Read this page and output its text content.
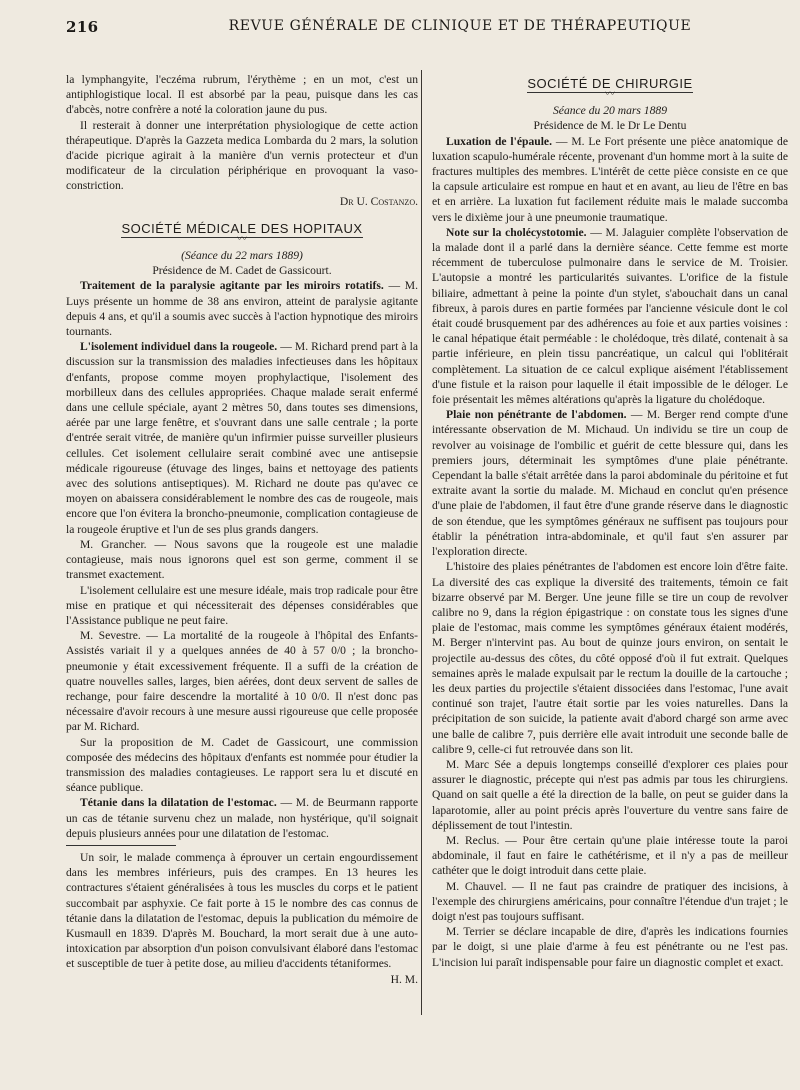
216	REVUE GÉNÉRALE DE CLINIQUE ET DE THÉRAPEUTIQUE

la lymphangyite, l'eczéma rubrum, l'érythème ; en un mot, c'est un antiphlogistique local. Il est absorbé par la peau, puisque dans les cas d'abcès, notre confrère a noté la coloration jaune du pus.

Il resterait à donner une interprétation physiologique de cette action thérapeutique. D'après la Gazzeta medica Lombarda du 2 mars, la solution d'acide picrique agirait à la manière d'un vernis protecteur et d'un modificateur de la circulation périphérique en provoquant la vaso-constriction.

Dr U. Costanzo.

SOCIÉTÉ MÉDICALE DES HOPITAUX
〰

(Séance du 22 mars 1889)

Présidence de M. Cadet de Gassicourt.

Traitement de la paralysie agitante par les miroirs rotatifs. — M. Luys présente un homme de 38 ans environ, atteint de paralysie agitante depuis 4 ans, et qu'il a soumis avec succès à l'action hypnotique des miroirs tournants.

L'isolement individuel dans la rougeole. — M. Richard prend part à la discussion sur la transmission des maladies infectieuses dans les hôpitaux d'enfants, propose comme moyen prophylactique, l'isolement des morbilleux dans des cellules appropriées. Chaque malade serait enfermé dans une cellule spéciale, ayant 2 mètres 50, dans toutes ses dimensions, aérée par une large fenêtre, et s'ouvrant dans une salle centrale ; la porte d'entrée serait vitrée, de manière qu'un infirmier puisse surveiller plusieurs cellules. Cet isolement cellulaire serait combiné avec une antisepsie médicale rigoureuse (étuvage des linges, bains et nettoyage des patients avec des solutions antiseptiques). M. Richard ne doute pas qu'avec ce moyen on abaissera considérablement le nombre des cas de rougeole, mais encore que l'on évitera la broncho-pneumonie, complication contagieuse de la rougeole éruptive et l'un de ses plus grands dangers.

M. Grancher. — Nous savons que la rougeole est une maladie contagieuse, mais nous ignorons quel est son germe, comment il se transmet exactement.

L'isolement cellulaire est une mesure idéale, mais trop radicale pour être mise en pratique et qui nécessiterait des dépenses considérables que l'Assistance publique ne peut faire.

M. Sevestre. — La mortalité de la rougeole à l'hôpital des Enfants-Assistés variait il y a quelques années de 40 à 57 0/0 ; la broncho-pneumonie y était excessivement fréquente. Il a suffi de la création de quatre nouvelles salles, larges, bien aérées, dont deux servent de salles de rechange, pour faire descendre la mortalité à 10 0/0. Il n'est donc pas nécessaire d'avoir recours à une mesure aussi rigoureuse que celle proposée par M. Richard.

Sur la proposition de M. Cadet de Gassicourt, une commission composée des médecins des hôpitaux d'enfants est nommée pour étudier la transmission des maladies contagieuses. Le rapport sera lu et discuté en séance publique.

Tétanie dans la dilatation de l'estomac. — M. de Beurmann rapporte un cas de tétanie survenu chez un malade, non hystérique, qu'il soignait depuis plusieurs années pour une dilatation de l'estomac.

Un soir, le malade commença à éprouver un certain engourdissement dans les membres inférieurs, puis des crampes. En 13 heures les contractures s'étaient généralisées à tous les muscles du corps et le patient succombait par asphyxie. Ce fait porte à 15 le nombre des cas connus de tétanie dans la dilatation de l'estomac, depuis la publication du mémoire de Kusmaull en 1839. D'après M. Bouchard, la mort serait due à une auto-intoxication par absorption d'un poison convulsivant élaboré dans l'estomac et susceptible de tuer à petite dose, au milieu d'accidents tétaniformes.

H. M.

SOCIÉTÉ DE CHIRURGIE
〰

Séance du 20 mars 1889

Présidence de M. le Dr Le Dentu

Luxation de l'épaule. — M. Le Fort présente une pièce anatomique de luxation scapulo-humérale récente, provenant d'un homme mort à la suite de fractures multiples des membres. L'intérêt de cette pièce consiste en ce que la capsule articulaire est rompue en haut et en avant, au lieu de l'être en bas et en arrière. La luxation fut facilement réduite mais le malade succomba vers le dixième jour à une pneumonie traumatique.

Note sur la cholécystotomie. — M. Jalaguier complète l'observation de la malade dont il a parlé dans la dernière séance. Cette femme est morte récemment de tuberculose pulmonaire dans le service de M. Troisier. L'autopsie a montré les particularités suivantes. L'orifice de la fistule biliaire, admettant à peine la pointe d'un stylet, s'abouchait dans un canal fibreux, à parois dures en partie formées par l'ancienne vésicule dont le col était coudé brusquement par des adhérences au foie et aux parties voisines : le canal hépatique était perméable : le cholédoque, très dilaté, contenait à sa partie inférieure, en plein tissu pancréatique, un calcul qui l'oblitérait complètement. La situation de ce calcul explique aisément l'établissement d'une fistule et la raison pour laquelle il était impossible de le déloger. Le foie présentait les mêmes altérations qu'après la ligature du cholédoque.

Plaie non pénétrante de l'abdomen. — M. Berger rend compte d'une intéressante observation de M. Michaud. Un individu se tire un coup de revolver au voisinage de l'ombilic et guérit de cette blessure qui, dans les premiers jours, déterminait les symptômes d'une plaie pénétrante. Cependant la balle s'était arrêtée dans la paroi abdominale du péritoine et fut extraite avant la sortie du malade. M. Michaud en conclut qu'en présence d'une plaie de l'abdomen, il faut être d'une grande réserve dans le diagnostic de son étendue, que les symptômes généraux ne suffisent pas toujours pour établir la pénétration intra-abdominale, et qu'il faut s'en assurer par l'exploration directe.

L'histoire des plaies pénétrantes de l'abdomen est encore loin d'être faite. La diversité des cas explique la diversité des traitements, témoin ce fait bizarre observé par M. Berger. Une jeune fille se tire un coup de revolver calibre no 9, dans la région épigastrique : on constate tous les signes d'une plaie de l'estomac, mais comme les symptômes généraux étaient modérés, M. Berger n'intervint pas. Au bout de quinze jours environ, on sentait le projectile au-dessus des côtes, du côté opposé d'où il fut extrait. Quelques semaines après le malade expulsait par le rectum la douille de la cartouche ; les deux parties du projectile s'étaient dissociées dans l'estomac, l'une avait continué son trajet, l'autre était sortie par les voies naturelles. Dans la précipitation de son suicide, la patiente avait d'abord chargé son arme avec une balle de calibre 7, puis derrière elle avait introduit une seconde balle de calibre 9, celle-ci fut retrouvée dans son lit.

M. Marc Sée a depuis longtemps conseillé d'explorer ces plaies pour assurer le diagnostic, précepte qui n'est pas admis par tous les chirurgiens. Quand on sait quelle a été la direction de la balle, on peut se guider dans la laparotomie, aller au point précis après l'ouverture du ventre sans faire de déplissement de tout l'intestin.

M. Reclus. — Pour être certain qu'une plaie intéresse toute la paroi abdominale, il faut en faire le cathétérisme, et il n'y a pas de meilleur cathéter que le doigt introduit dans cette plaie.

M. Chauvel. — Il ne faut pas craindre de pratiquer des incisions, à l'exemple des chirurgiens américains, pour connaître l'étendue d'un trajet ; le doigt n'est pas toujours suffisant.

M. Terrier se déclare incapable de dire, d'après les indications fournies par le doigt, si une plaie d'arme à feu est pénétrante ou ne l'est pas. L'incision lui paraît indispensable pour faire un diagnostic complet et exact.
